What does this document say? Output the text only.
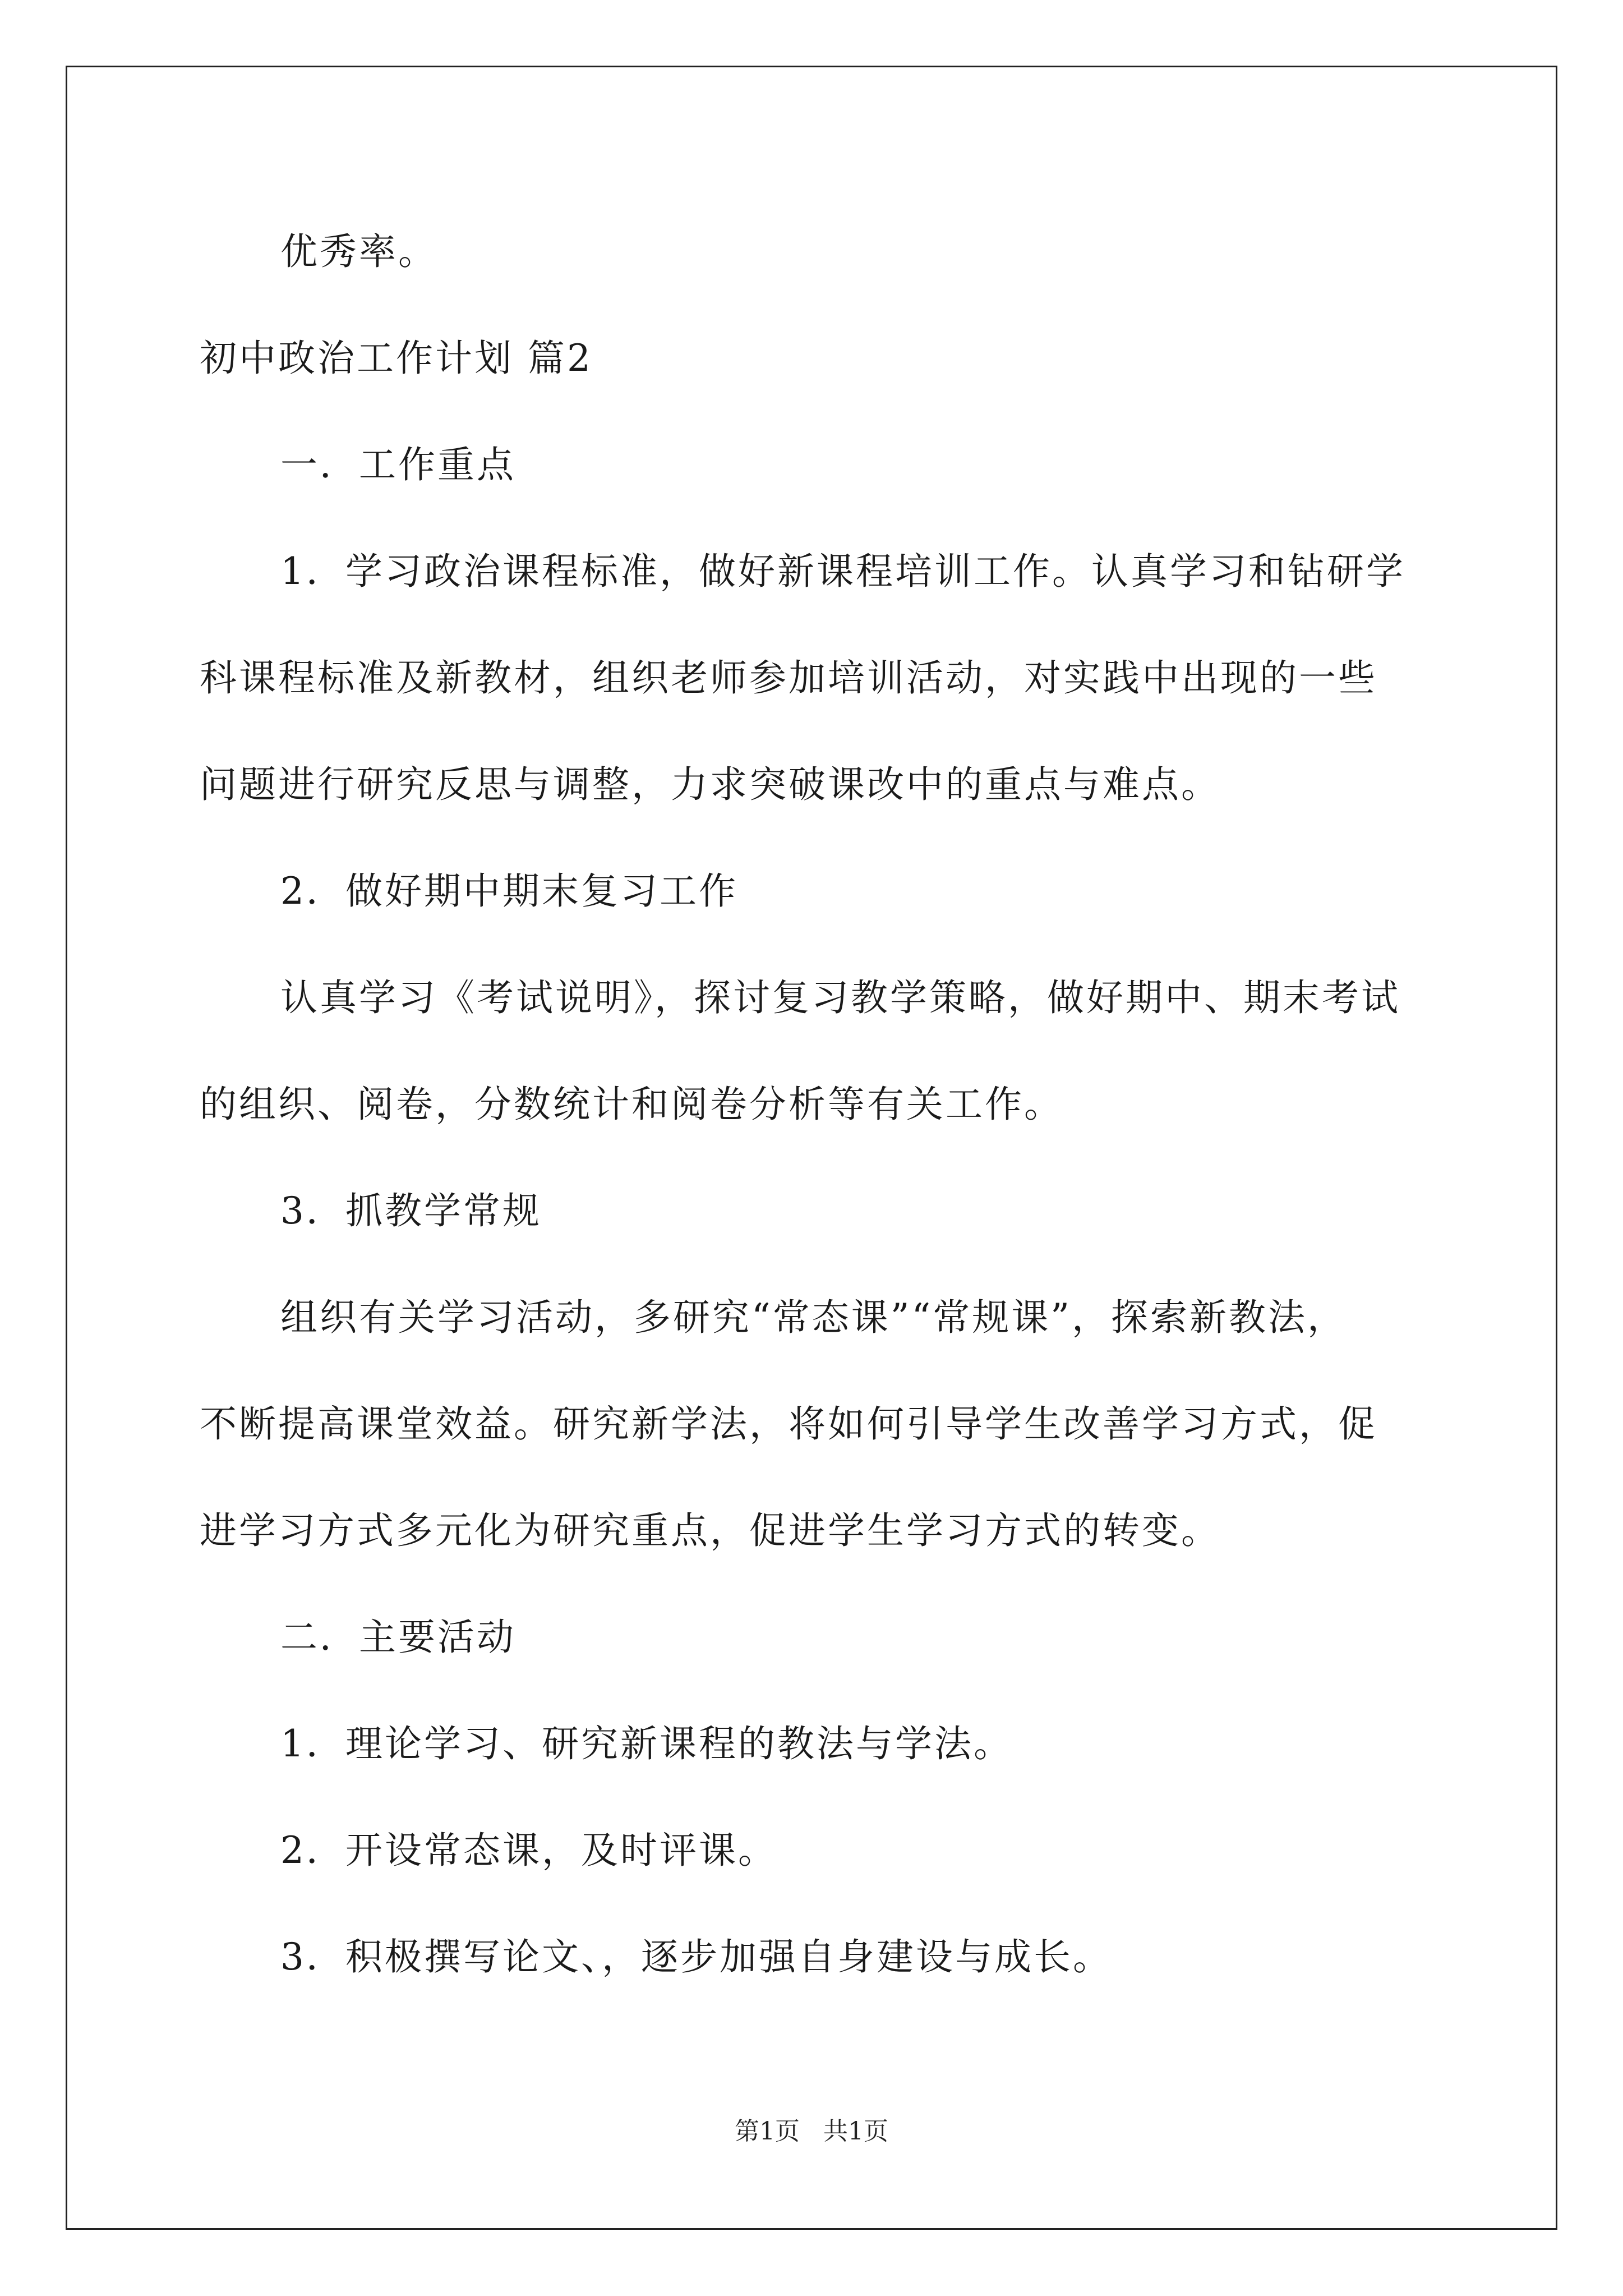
优秀率。
初中政治工作计划 篇2
一．工作重点
1．学习政治课程标准，做好新课程培训工作。认真学习和钻研学
科课程标准及新教材，组织老师参加培训活动，对实践中出现的一些
问题进行研究反思与调整，力求突破课改中的重点与难点。
2．做好期中期末复习工作
认真学习《考试说明》，探讨复习教学策略，做好期中、期末考试
的组织、阅卷，分数统计和阅卷分析等有关工作。
3．抓教学常规
组织有关学习活动，多研究“常态课”“常规课”，探索新教法，
不断提高课堂效益。研究新学法，将如何引导学生改善学习方式，促
进学习方式多元化为研究重点，促进学生学习方式的转变。
二．主要活动
1．理论学习、研究新课程的教法与学法。
2．开设常态课，及时评课。
3．积极撰写论文、，逐步加强自身建设与成长。
第1页   共1页
